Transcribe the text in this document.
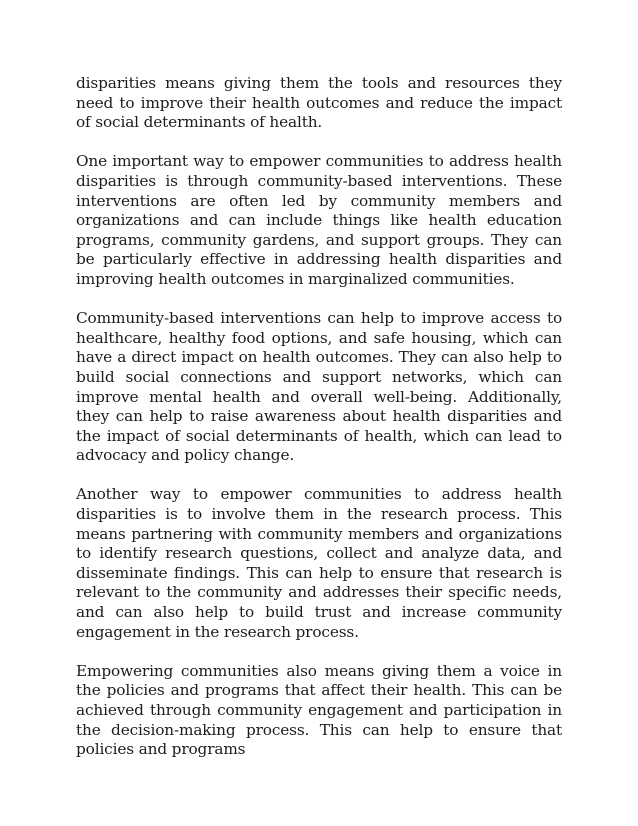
disparities means giving them the tools and resources they need to improve their health outcomes and reduce the impact of social determinants of health.

One important way to empower communities to address health disparities is through community-based interventions. These interventions are often led by community members and organizations and can include things like health education programs, community gardens, and support groups. They can be particularly effective in addressing health disparities and improving health outcomes in marginalized communities.

Community-based interventions can help to improve access to healthcare, healthy food options, and safe housing, which can have a direct impact on health outcomes. They can also help to build social connections and support networks, which can improve mental health and overall well-being. Additionally, they can help to raise awareness about health disparities and the impact of social determinants of health, which can lead to advocacy and policy change.

Another way to empower communities to address health disparities is to involve them in the research process. This means partnering with community members and organizations to identify research questions, collect and analyze data, and disseminate findings. This can help to ensure that research is relevant to the community and addresses their specific needs, and can also help to build trust and increase community engagement in the research process.

Empowering communities also means giving them a voice in the policies and programs that affect their health. This can be achieved through community engagement and participation in the decision-making process. This can help to ensure that policies and programs
